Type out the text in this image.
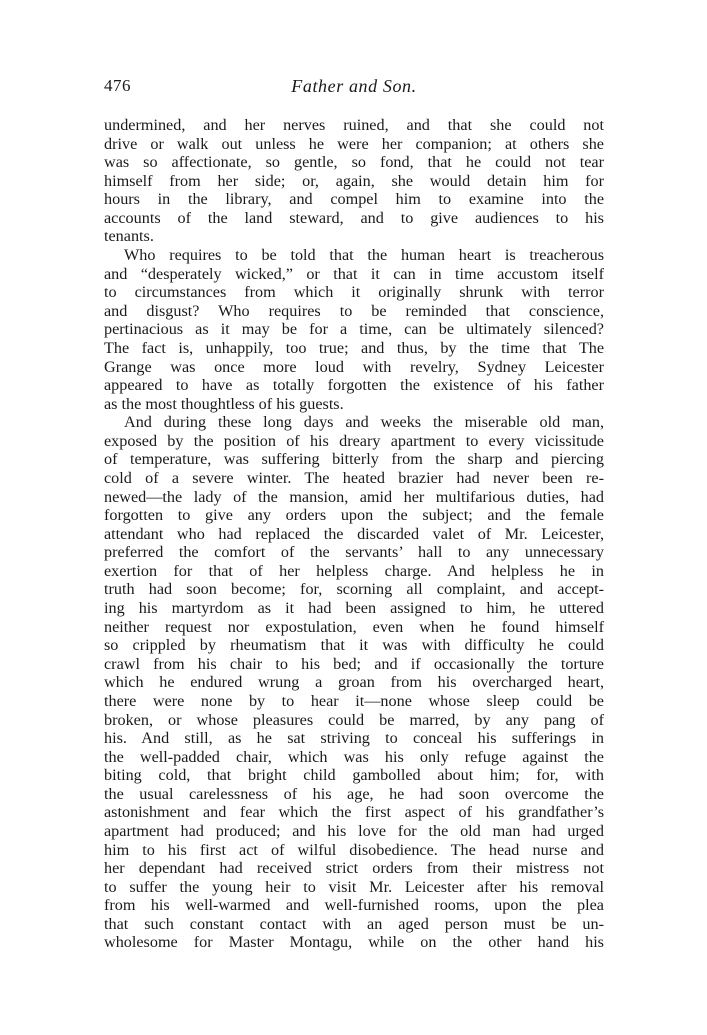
476	Father and Son.
undermined, and her nerves ruined, and that she could not
drive or walk out unless he were her companion; at others she
was so affectionate, so gentle, so fond, that he could not tear
himself from her side; or, again, she would detain him for
hours in the library, and compel him to examine into the
accounts of the land steward, and to give audiences to his
tenants.
Who requires to be told that the human heart is treacherous
and “desperately wicked,” or that it can in time accustom itself
to circumstances from which it originally shrunk with terror
and disgust? Who requires to be reminded that conscience,
pertinacious as it may be for a time, can be ultimately silenced?
The fact is, unhappily, too true; and thus, by the time that The
Grange was once more loud with revelry, Sydney Leicester
appeared to have as totally forgotten the existence of his father
as the most thoughtless of his guests.
And during these long days and weeks the miserable old man,
exposed by the position of his dreary apartment to every vicissitude
of temperature, was suffering bitterly from the sharp and piercing
cold of a severe winter. The heated brazier had never been re-
newed—the lady of the mansion, amid her multifarious duties, had
forgotten to give any orders upon the subject; and the female
attendant who had replaced the discarded valet of Mr. Leicester,
preferred the comfort of the servants’ hall to any unnecessary
exertion for that of her helpless charge. And helpless he in
truth had soon become; for, scorning all complaint, and accept-
ing his martyrdom as it had been assigned to him, he uttered
neither request nor expostulation, even when he found himself
so crippled by rheumatism that it was with difficulty he could
crawl from his chair to his bed; and if occasionally the torture
which he endured wrung a groan from his overcharged heart,
there were none by to hear it—none whose sleep could be
broken, or whose pleasures could be marred, by any pang of
his. And still, as he sat striving to conceal his sufferings in
the well-padded chair, which was his only refuge against the
biting cold, that bright child gambolled about him; for, with
the usual carelessness of his age, he had soon overcome the
astonishment and fear which the first aspect of his grandfather’s
apartment had produced; and his love for the old man had urged
him to his first act of wilful disobedience. The head nurse and
her dependant had received strict orders from their mistress not
to suffer the young heir to visit Mr. Leicester after his removal
from his well-warmed and well-furnished rooms, upon the plea
that such constant contact with an aged person must be un-
wholesome for Master Montagu, while on the other hand his
